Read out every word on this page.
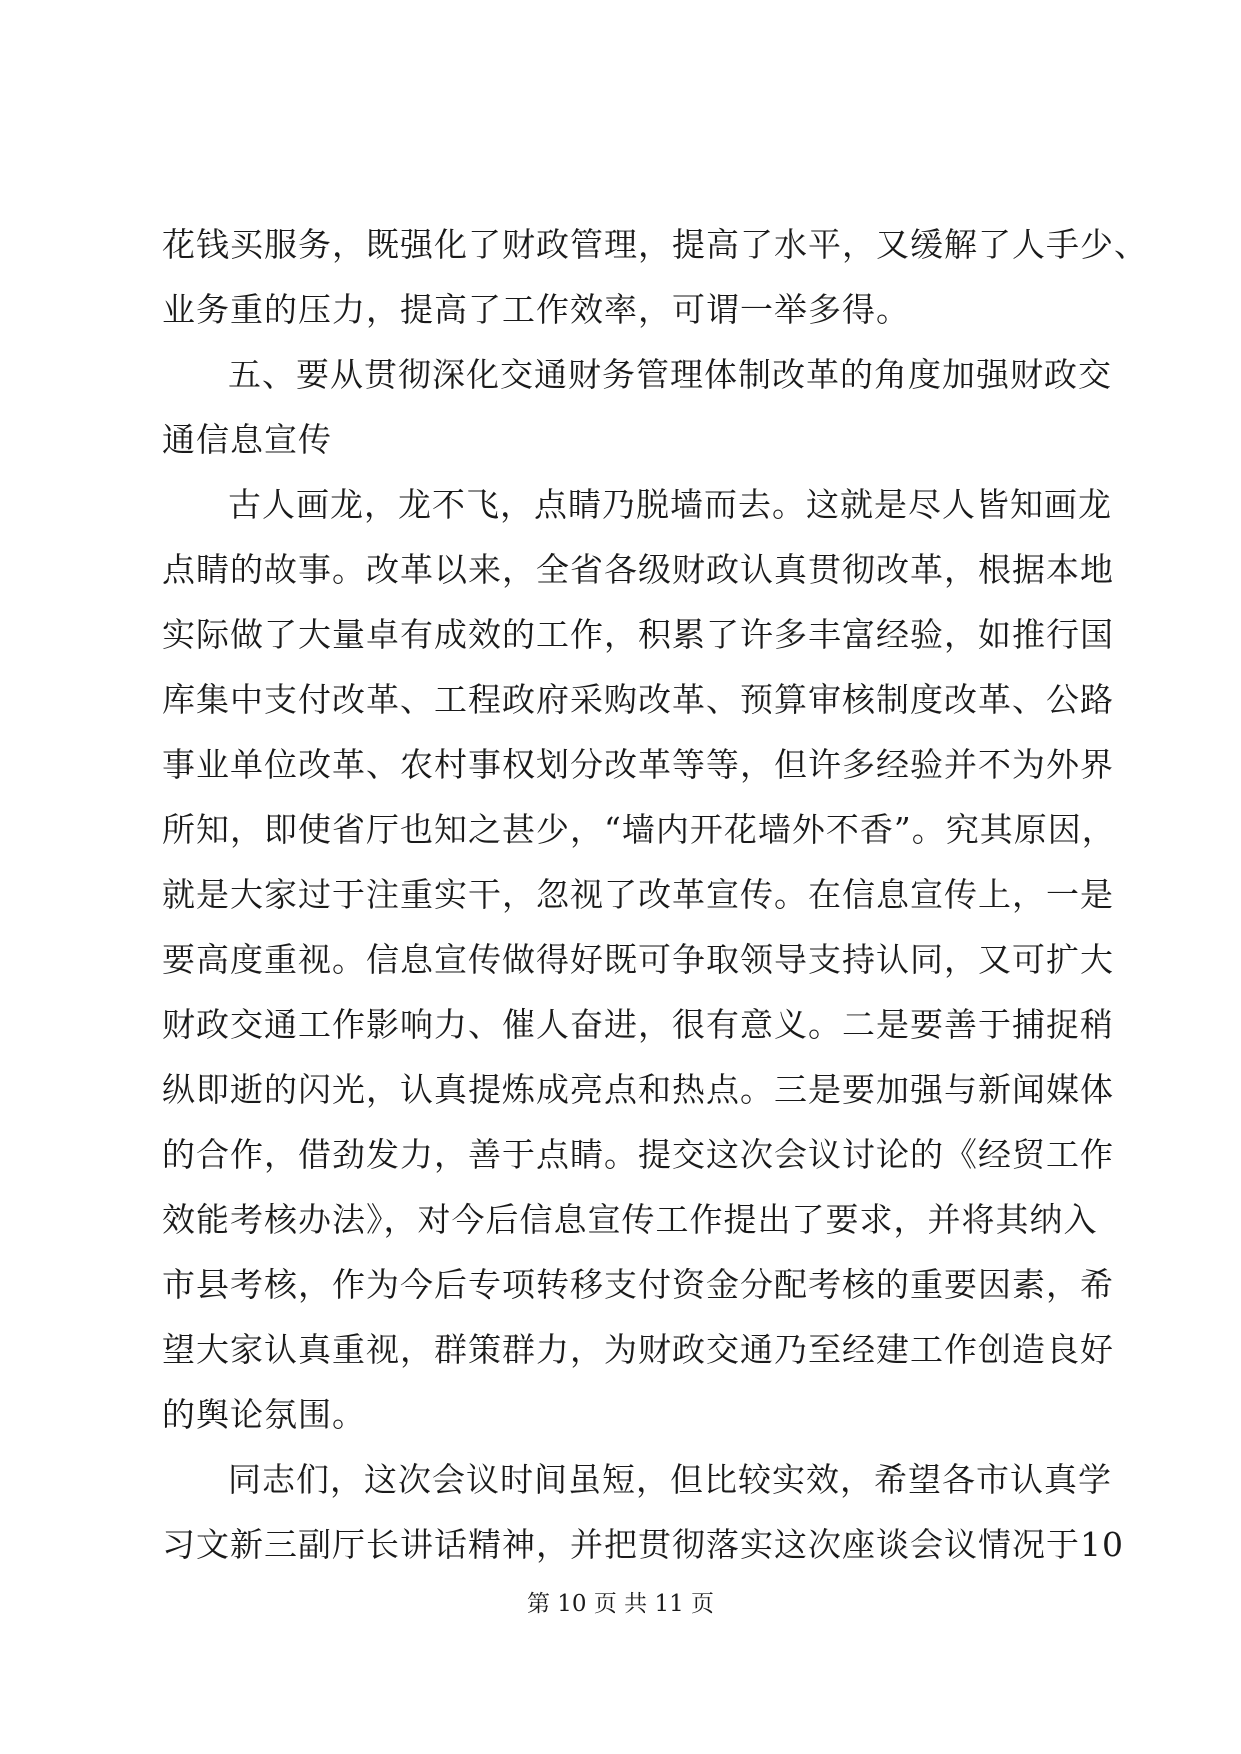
花钱买服务，既强化了财政管理，提高了水平，又缓解了人手少、
业务重的压力，提高了工作效率，可谓一举多得。
五、要从贯彻深化交通财务管理体制改革的角度加强财政交
通信息宣传
古人画龙，龙不飞，点睛乃脱墙而去。这就是尽人皆知画龙
点睛的故事。改革以来，全省各级财政认真贯彻改革，根据本地
实际做了大量卓有成效的工作，积累了许多丰富经验，如推行国
库集中支付改革、工程政府采购改革、预算审核制度改革、公路
事业单位改革、农村事权划分改革等等，但许多经验并不为外界
所知，即使省厅也知之甚少，“墙内开花墙外不香”。究其原因，
就是大家过于注重实干，忽视了改革宣传。在信息宣传上，一是
要高度重视。信息宣传做得好既可争取领导支持认同，又可扩大
财政交通工作影响力、催人奋进，很有意义。二是要善于捕捉稍
纵即逝的闪光，认真提炼成亮点和热点。三是要加强与新闻媒体
的合作，借劲发力，善于点睛。提交这次会议讨论的《经贸工作
效能考核办法》，对今后信息宣传工作提出了要求，并将其纳入
市县考核，作为今后专项转移支付资金分配考核的重要因素，希
望大家认真重视，群策群力，为财政交通乃至经建工作创造良好
的舆论氛围。
同志们，这次会议时间虽短，但比较实效，希望各市认真学
习文新三副厅长讲话精神，并把贯彻落实这次座谈会议情况于10
第 10 页 共 11 页
